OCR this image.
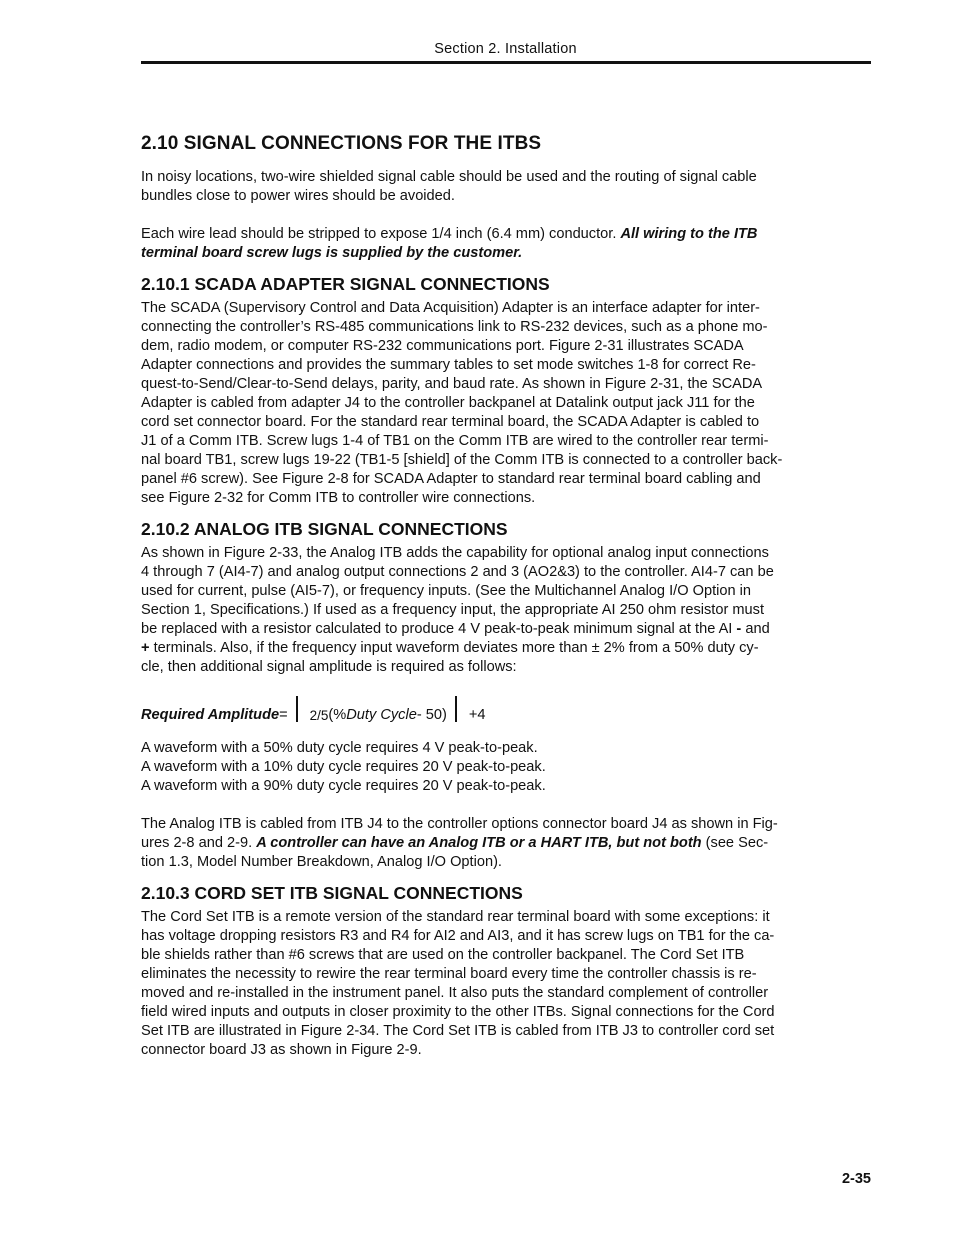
Section 2. Installation
2.10 SIGNAL CONNECTIONS FOR THE ITBS

In noisy locations, two-wire shielded signal cable should be used and the routing of signal cable
bundles close to power wires should be avoided.

Each wire lead should be stripped to expose 1/4 inch (6.4 mm) conductor. All wiring to the ITB
terminal board screw lugs is supplied by the customer.

2.10.1 SCADA ADAPTER SIGNAL CONNECTIONS

The SCADA (Supervisory Control and Data Acquisition) Adapter is an interface adapter for inter-
connecting the controller’s RS-485 communications link to RS-232 devices, such as a phone mo-
dem, radio modem, or computer RS-232 communications port. Figure 2-31 illustrates SCADA
Adapter connections and provides the summary tables to set mode switches 1-8 for correct Re-
quest-to-Send/Clear-to-Send delays, parity, and baud rate. As shown in Figure 2-31, the SCADA
Adapter is cabled from adapter J4 to the controller backpanel at Datalink output jack J11 for the
cord set connector board. For the standard rear terminal board, the SCADA Adapter is cabled to
J1 of a Comm ITB. Screw lugs 1-4 of TB1 on the Comm ITB are wired to the controller rear termi-
nal board TB1, screw lugs 19-22 (TB1-5 [shield] of the Comm ITB is connected to a controller back-
panel #6 screw). See Figure 2-8 for SCADA Adapter to standard rear terminal board cabling and
see Figure 2-32 for Comm ITB to controller wire connections.

2.10.2 ANALOG ITB SIGNAL CONNECTIONS

As shown in Figure 2-33, the Analog ITB adds the capability for optional analog input connections
4 through 7 (AI4-7) and analog output connections 2 and 3 (AO2&3) to the controller. AI4-7 can be
used for current, pulse (AI5-7), or frequency inputs. (See the Multichannel Analog I/O Option in
Section 1, Specifications.) If used as a frequency input, the appropriate AI 250 ohm resistor must
be replaced with a resistor calculated to produce 4 V peak-to-peak minimum signal at the AI - and
+ terminals. Also, if the frequency input waveform deviates more than ± 2% from a 50% duty cy-
cle, then additional signal amplitude is required as follows:

Required Amplitude = 2/5 (% Duty Cycle - 50) +4

A waveform with a 50% duty cycle requires 4 V peak-to-peak.
A waveform with a 10% duty cycle requires 20 V peak-to-peak.
A waveform with a 90% duty cycle requires 20 V peak-to-peak.

The Analog ITB is cabled from ITB J4 to the controller options connector board J4 as shown in Fig-
ures 2-8 and 2-9. A controller can have an Analog ITB or a HART ITB, but not both (see Sec-
tion 1.3, Model Number Breakdown, Analog I/O Option).

2.10.3 CORD SET ITB SIGNAL CONNECTIONS

The Cord Set ITB is a remote version of the standard rear terminal board with some exceptions: it
has voltage dropping resistors R3 and R4 for AI2 and AI3, and it has screw lugs on TB1 for the ca-
ble shields rather than #6 screws that are used on the controller backpanel. The Cord Set ITB
eliminates the necessity to rewire the rear terminal board every time the controller chassis is re-
moved and re-installed in the instrument panel. It also puts the standard complement of controller
field wired inputs and outputs in closer proximity to the other ITBs. Signal connections for the Cord
Set ITB are illustrated in Figure 2-34. The Cord Set ITB is cabled from ITB J3 to controller cord set
connector board J3 as shown in Figure 2-9.

2-35
